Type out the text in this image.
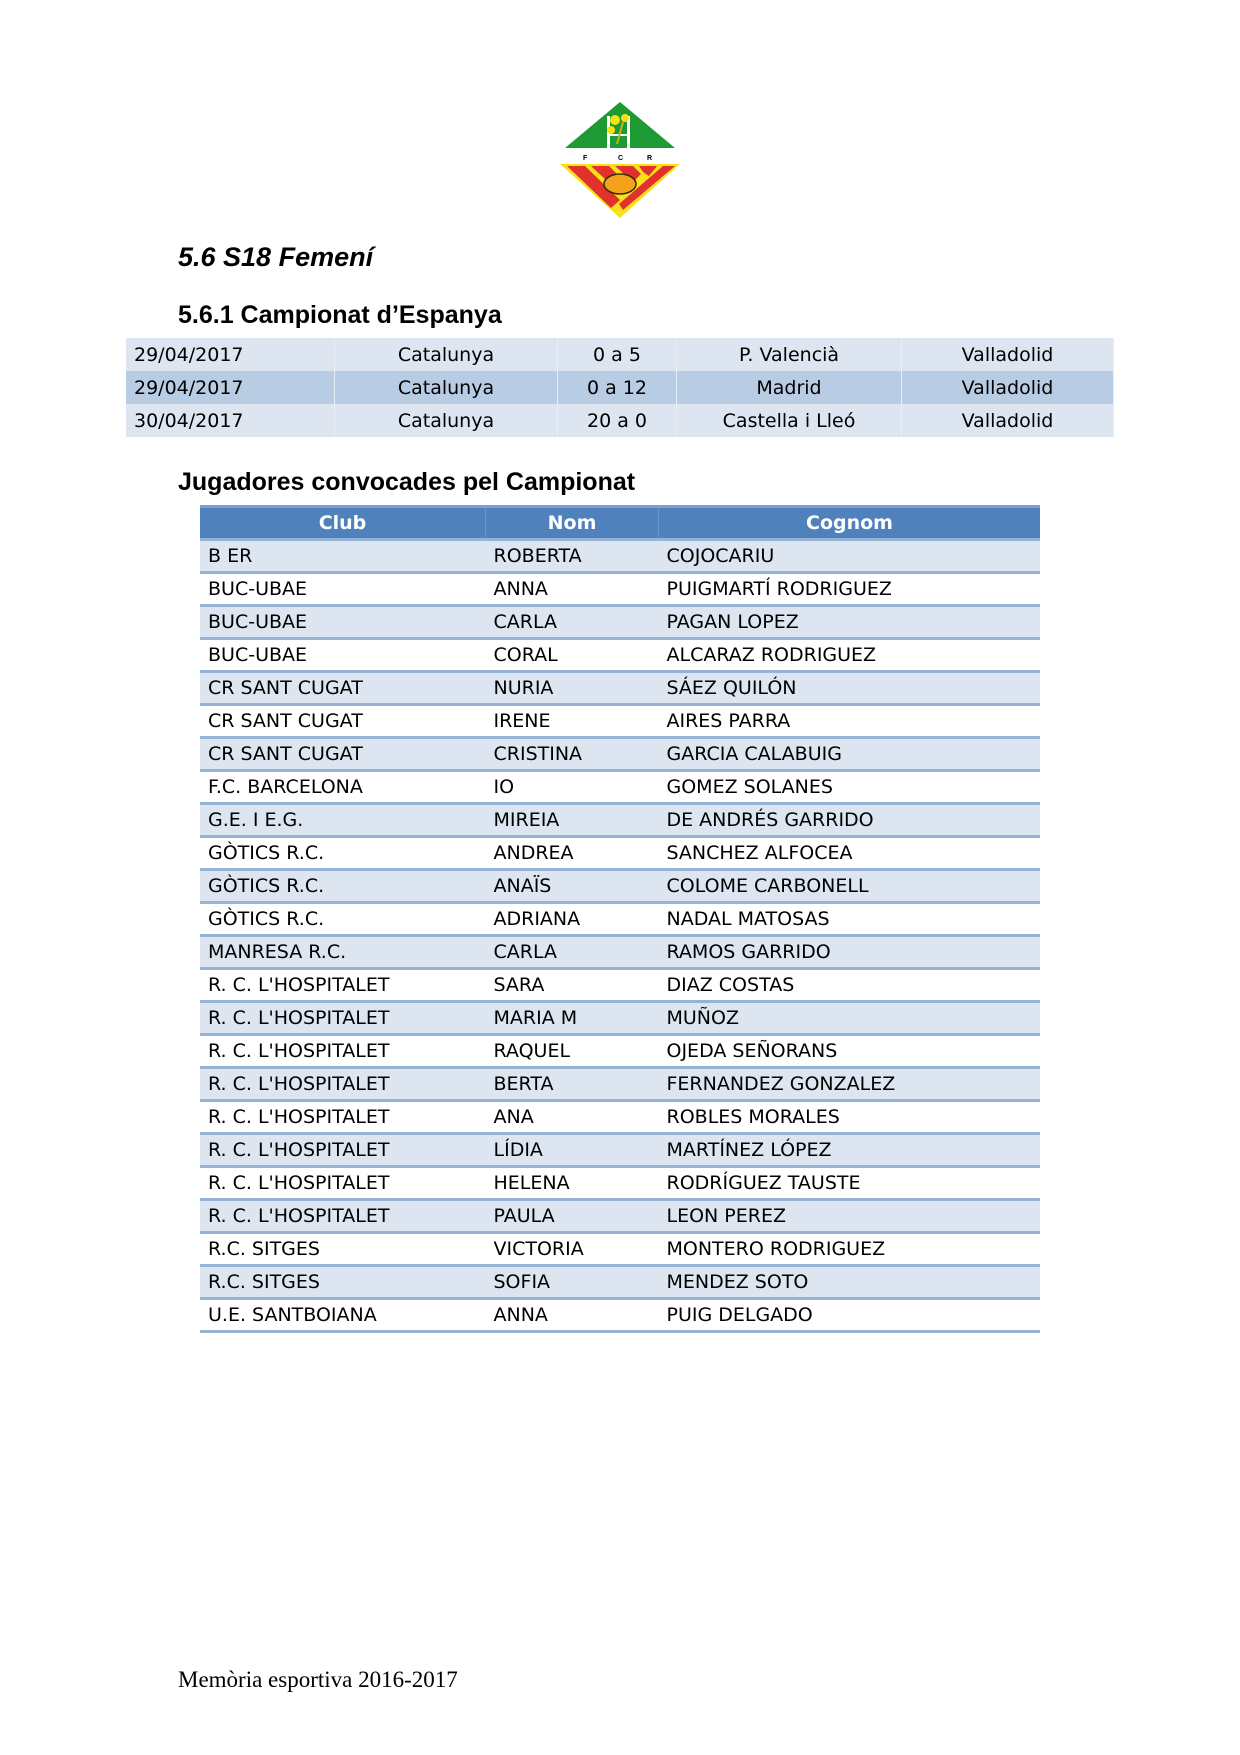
F	C	R
5.6 S18 Femení
5.6.1 Campionat d’Espanya
29/04/2017	Catalunya	0 a 5	P. Valencià	Valladolid
29/04/2017	Catalunya	0 a 12	Madrid	Valladolid
30/04/2017	Catalunya	20 a 0	Castella i Lleó	Valladolid
Jugadores convocades pel Campionat
Club	Nom	Cognom
B ER	ROBERTA	COJOCARIU
BUC-UBAE	ANNA	PUIGMARTÍ RODRIGUEZ
BUC-UBAE	CARLA	PAGAN LOPEZ
BUC-UBAE	CORAL	ALCARAZ RODRIGUEZ
CR SANT CUGAT	NURIA	SÁEZ QUILÓN
CR SANT CUGAT	IRENE	AIRES PARRA
CR SANT CUGAT	CRISTINA	GARCIA CALABUIG
F.C. BARCELONA	IO	GOMEZ SOLANES
G.E. I E.G.	MIREIA	DE ANDRÉS GARRIDO
GÒTICS R.C.	ANDREA	SANCHEZ ALFOCEA
GÒTICS R.C.	ANAÏS	COLOME CARBONELL
GÒTICS R.C.	ADRIANA	NADAL MATOSAS
MANRESA R.C.	CARLA	RAMOS GARRIDO
R. C. L'HOSPITALET	SARA	DIAZ COSTAS
R. C. L'HOSPITALET	MARIA M	MUÑOZ
R. C. L'HOSPITALET	RAQUEL	OJEDA SEÑORANS
R. C. L'HOSPITALET	BERTA	FERNANDEZ GONZALEZ
R. C. L'HOSPITALET	ANA	ROBLES MORALES
R. C. L'HOSPITALET	LÍDIA	MARTÍNEZ LÓPEZ
R. C. L'HOSPITALET	HELENA	RODRÍGUEZ TAUSTE
R. C. L'HOSPITALET	PAULA	LEON PEREZ
R.C. SITGES	VICTORIA	MONTERO RODRIGUEZ
R.C. SITGES	SOFIA	MENDEZ SOTO
U.E. SANTBOIANA	ANNA	PUIG DELGADO
Memòria esportiva 2016-2017
